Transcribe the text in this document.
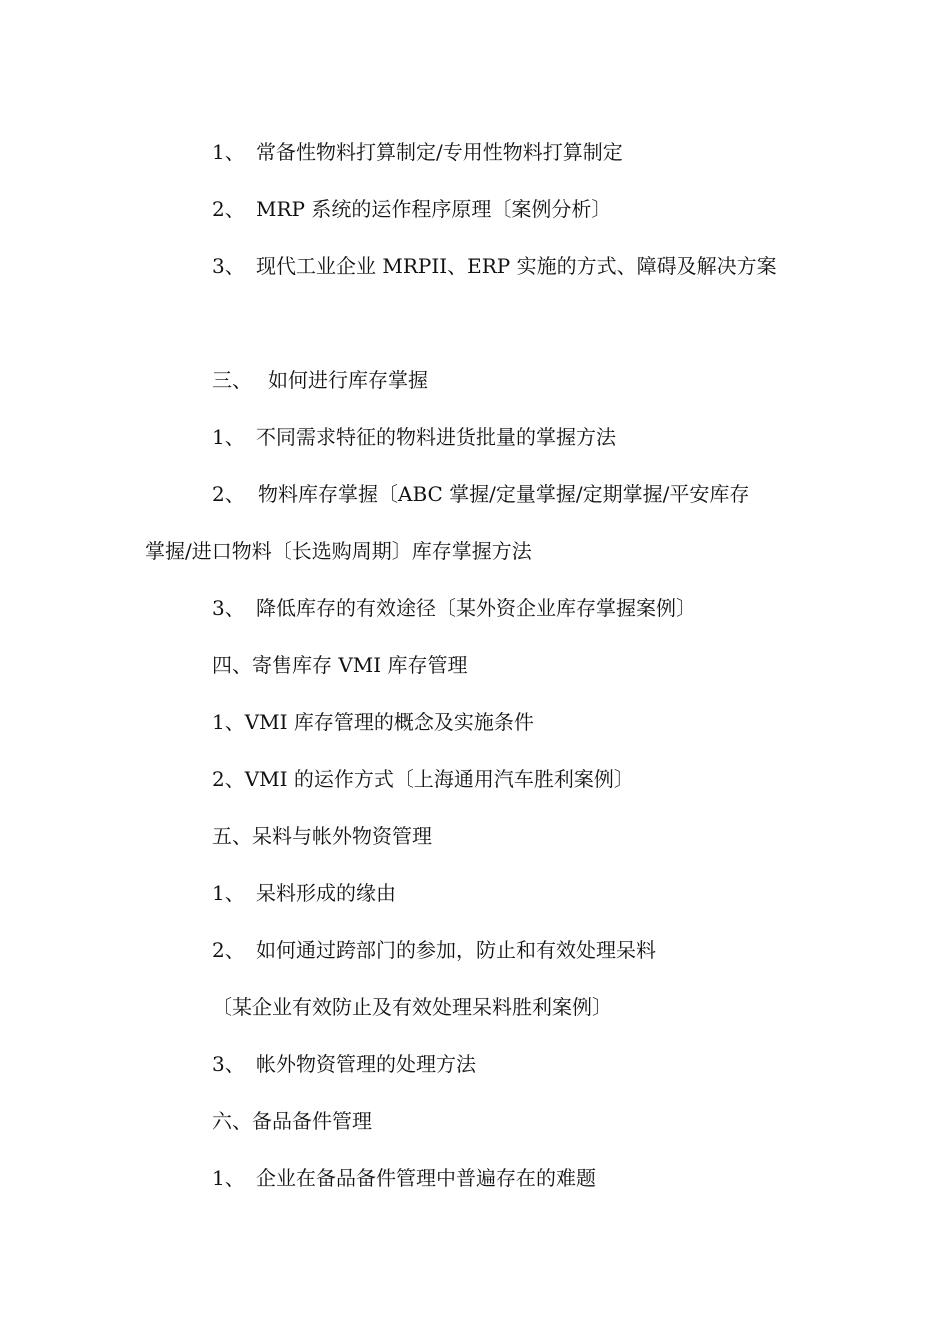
1、 常备性物料打算制定/专用性物料打算制定
2、 MRP 系统的运作程序原理〔案例分析〕
3、 现代工业企业 MRPII、ERP 实施的方式、障碍及解决方案
三、 如何进行库存掌握
1、 不同需求特征的物料进货批量的掌握方法
2、 物料库存掌握〔ABC 掌握/定量掌握/定期掌握/平安库存
掌握/进口物料〔长选购周期〕库存掌握方法
3、 降低库存的有效途径〔某外资企业库存掌握案例〕
四、寄售库存 VMI 库存管理
1、VMI 库存管理的概念及实施条件
2、VMI 的运作方式〔上海通用汽车胜利案例〕
五、呆料与帐外物资管理
1、 呆料形成的缘由
2、 如何通过跨部门的参加，防止和有效处理呆料
〔某企业有效防止及有效处理呆料胜利案例〕
3、 帐外物资管理的处理方法
六、备品备件管理
1、 企业在备品备件管理中普遍存在的难题
